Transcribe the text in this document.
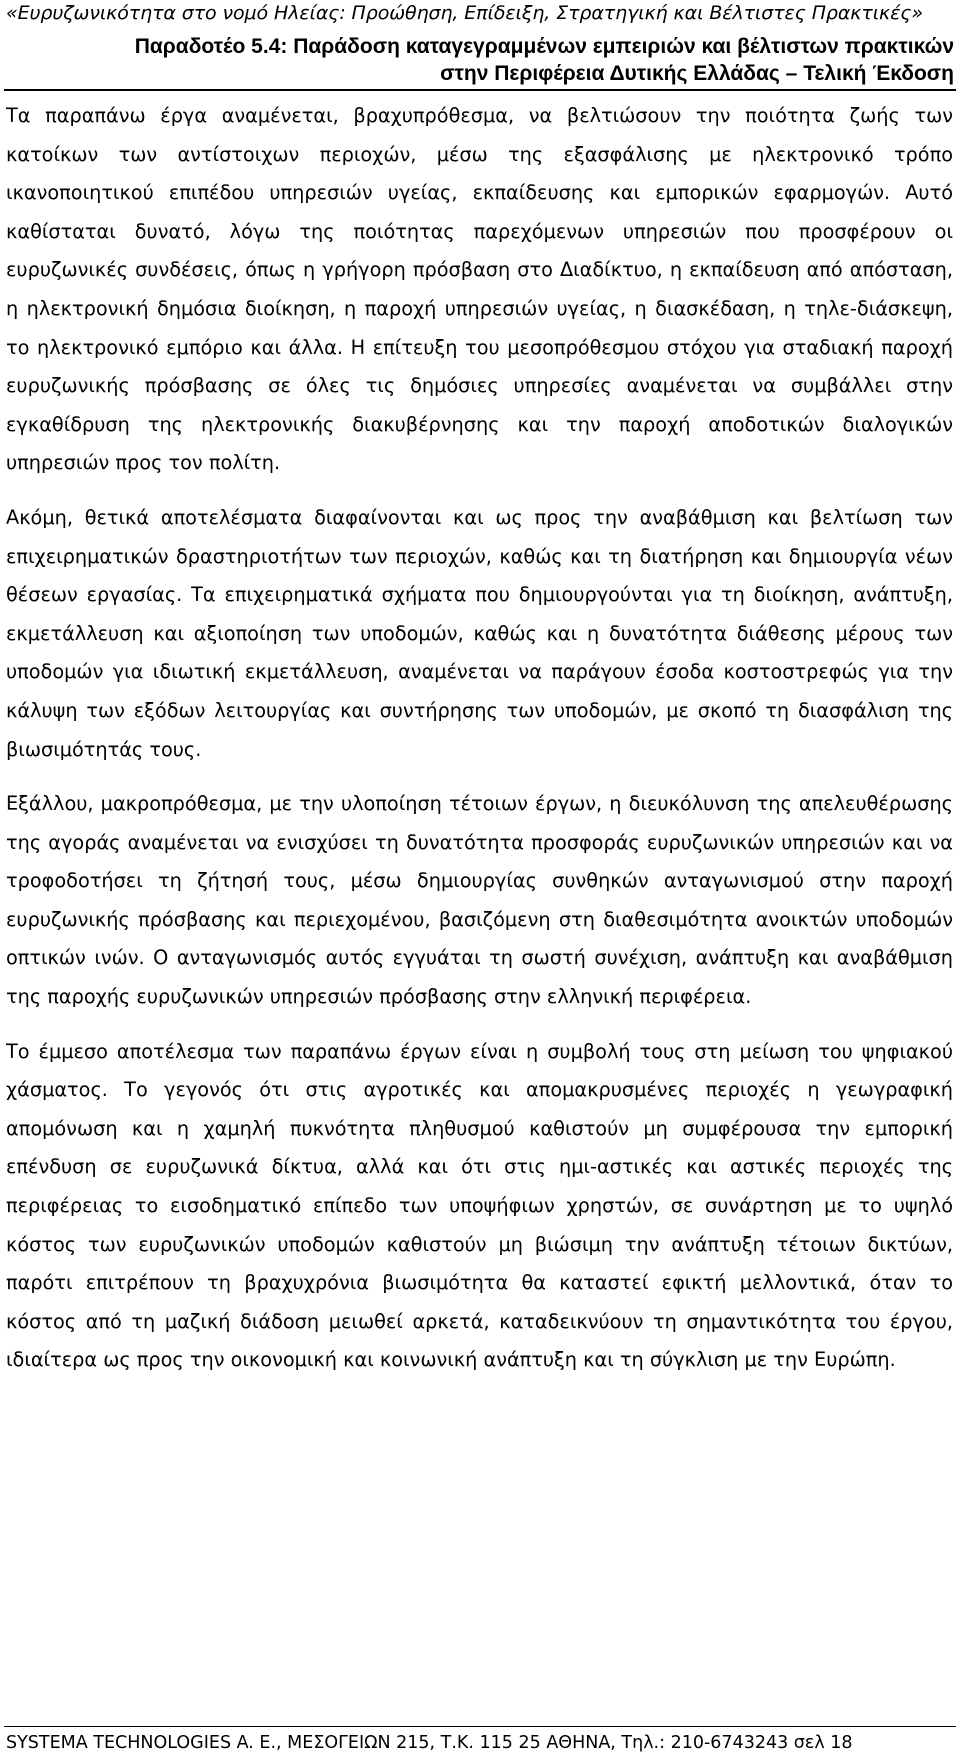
«Ευρυζωνικότητα στο νομό Ηλείας: Προώθηση, Επίδειξη, Στρατηγική και Βέλτιστες Πρακτικές»
Παραδοτέο 5.4: Παράδοση καταγεγραμμένων εμπειριών και βέλτιστων πρακτικών
στην Περιφέρεια Δυτικής Ελλάδας – Τελική Έκδοση

Τα παραπάνω έργα αναμένεται, βραχυπρόθεσμα, να βελτιώσουν την ποιότητα ζωής των κατοίκων των αντίστοιχων περιοχών, μέσω της εξασφάλισης με ηλεκτρονικό τρόπο ικανοποιητικού επιπέδου υπηρεσιών υγείας, εκπαίδευσης και εμπορικών εφαρμογών. Αυτό καθίσταται δυνατό, λόγω της ποιότητας παρεχόμενων υπηρεσιών που προσφέρουν οι ευρυζωνικές συνδέσεις, όπως η γρήγορη πρόσβαση στο Διαδίκτυο, η εκπαίδευση από απόσταση, η ηλεκτρονική δημόσια διοίκηση, η παροχή υπηρεσιών υγείας, η διασκέδαση, η τηλε-διάσκεψη, το ηλεκτρονικό εμπόριο και άλλα. Η επίτευξη του μεσοπρόθεσμου στόχου για σταδιακή παροχή ευρυζωνικής πρόσβασης σε όλες τις δημόσιες υπηρεσίες αναμένεται να συμβάλλει στην εγκαθίδρυση της ηλεκτρονικής διακυβέρνησης και την παροχή αποδοτικών διαλογικών υπηρεσιών προς τον πολίτη.

Ακόμη, θετικά αποτελέσματα διαφαίνονται και ως προς την αναβάθμιση και βελτίωση των επιχειρηματικών δραστηριοτήτων των περιοχών, καθώς και τη διατήρηση και δημιουργία νέων θέσεων εργασίας. Τα επιχειρηματικά σχήματα που δημιουργούνται για τη διοίκηση, ανάπτυξη, εκμετάλλευση και αξιοποίηση των υποδομών, καθώς και η δυνατότητα διάθεσης μέρους των υποδομών για ιδιωτική εκμετάλλευση, αναμένεται να παράγουν έσοδα κοστοστρεφώς για την κάλυψη των εξόδων λειτουργίας και συντήρησης των υποδομών, με σκοπό τη διασφάλιση της βιωσιμότητάς τους.

Εξάλλου, μακροπρόθεσμα, με την υλοποίηση τέτοιων έργων, η διευκόλυνση της απελευθέρωσης της αγοράς αναμένεται να ενισχύσει τη δυνατότητα προσφοράς ευρυζωνικών υπηρεσιών και να τροφοδοτήσει τη ζήτησή τους, μέσω δημιουργίας συνθηκών ανταγωνισμού στην παροχή ευρυζωνικής πρόσβασης και περιεχομένου, βασιζόμενη στη διαθεσιμότητα ανοικτών υποδομών οπτικών ινών. Ο ανταγωνισμός αυτός εγγυάται τη σωστή συνέχιση, ανάπτυξη και αναβάθμιση της παροχής ευρυζωνικών υπηρεσιών πρόσβασης στην ελληνική περιφέρεια.

Το έμμεσο αποτέλεσμα των παραπάνω έργων είναι η συμβολή τους στη μείωση του ψηφιακού χάσματος. Το γεγονός ότι στις αγροτικές και απομακρυσμένες περιοχές η γεωγραφική απομόνωση και η χαμηλή πυκνότητα πληθυσμού καθιστούν μη συμφέρουσα την εμπορική επένδυση σε ευρυζωνικά δίκτυα, αλλά και ότι στις ημι-αστικές και αστικές περιοχές της περιφέρειας το εισοδηματικό επίπεδο των υποψήφιων χρηστών, σε συνάρτηση με το υψηλό κόστος των ευρυζωνικών υποδομών καθιστούν μη βιώσιμη την ανάπτυξη τέτοιων δικτύων, παρότι επιτρέπουν τη βραχυχρόνια βιωσιμότητα θα καταστεί εφικτή μελλοντικά, όταν το κόστος από τη μαζική διάδοση μειωθεί αρκετά, καταδεικνύουν τη σημαντικότητα του έργου, ιδιαίτερα ως προς την οικονομική και κοινωνική ανάπτυξη και τη σύγκλιση με την Ευρώπη.

SYSTEMA TECHNOLOGIES A. E., ΜΕΣΟΓΕΙΩΝ 215, Τ.Κ. 115 25 ΑΘΗΝΑ, Τηλ.: 210-6743243 σελ 18
